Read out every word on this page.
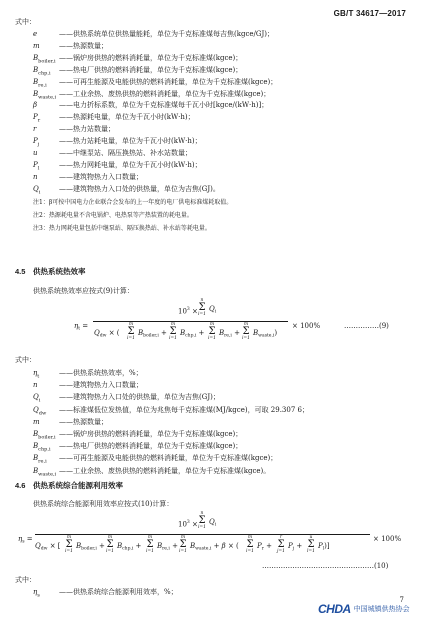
GB/T 34617—2017
式中：
e	——供热系统单位供热量能耗，单位为千克标准煤每吉焦(kgce/GJ)；
m	——热源数量；
$B_{boiler,i}$ ——锅炉房供热的燃料消耗量，单位为千克标准煤(kgce)；
$B_{chp,i}$ ——热电厂供热的燃料消耗量，单位为千克标准煤(kgce)；
$B_{re,i}$ ——可再生能源及电能供热的燃料消耗量，单位为千克标准煤(kgce)；
$B_{waste,i}$ ——工业余热、废热供热的燃料消耗量，单位为千克标准煤(kgce)；
β	——电力折标系数，单位为千克标准煤每千瓦小时[kgce/(kW·h)]；
$P_r$	——热源耗电量，单位为千瓦小时(kW·h)；
r	——热力站数量；
$P_j$	——热力站耗电量，单位为千瓦小时(kW·h)；
u	——中继泵站、隔压换热站、补水站数量；
$P_l$	——热力网耗电量，单位为千瓦小时(kW·h)；
n	——建筑物热力入口数量；
$Q_i$	——建筑物热力入口处的供热量，单位为吉焦(GJ)。
注1：β可按中国电力企业联合会发布的上一年度的电厂供电标准煤耗取值。
注2：热源耗电量不含电锅炉、电热泵等产热装置的耗电量。
注3：热力网耗电量包括中继泵站、隔压换热站、补水站等耗电量。
4.5 供热系统热效率
供热系统热效率应按式(9)计算：
$\eta_t$ =
$10^3$ ×
n
Σ
i=1
$Q_i$
$Q_{dw}$ × (
m
Σ
i=1
$B_{boiler,i}$ +
m
Σ
i=1
$B_{chp,i}$ +
m
Σ
i=1
$B_{re,i}$ +
m
Σ
i=1
$B_{waste,i}$)
× 100%	……………(9)
式中：
$\eta_t$	——供热系统热效率，%；
n	——建筑物热力入口数量；
$Q_i$	——建筑物热力入口处的供热量，单位为吉焦(GJ)；
$Q_{dw}$ ——标准煤低位发热值，单位为兆焦每千克标准煤(MJ/kgce)，可取 29.307 6；
m	——热源数量；
$B_{boiler,i}$ ——锅炉房供热的燃料消耗量，单位为千克标准煤(kgce)；
$B_{chp,i}$ ——热电厂供热的燃料消耗量，单位为千克标准煤(kgce)；
$B_{re,i}$ ——可再生能源及电能供热的燃料消耗量，单位为千克标准煤(kgce)；
$B_{waste,i}$ ——工业余热、废热供热的燃料消耗量，单位为千克标准煤(kgce)。
4.6 供热系统综合能源利用效率
供热系统综合能源利用效率应按式(10)计算：
$\eta_s$ =
$10^3$ ×
n
Σ
i=1
$Q_i$
$Q_{dw}$ × [
m
Σ
i=1
$B_{boiler,i}$ +
m
Σ
i=1
$B_{chp,i}$ +
m
Σ
i=1
$B_{re,i}$ +
m
Σ
i=1
$B_{waste,i} + \beta$ × (
m
Σ
i=1
$P_r$ +
r
Σ
j=1
$P_j$ +
u
Σ
l=1
$P_l$)]
× 100%
…………………………………………(10)
式中：
$\eta_s$	——供热系统综合能源利用效率，%；
7
CHDA 中国城镇供热协会
